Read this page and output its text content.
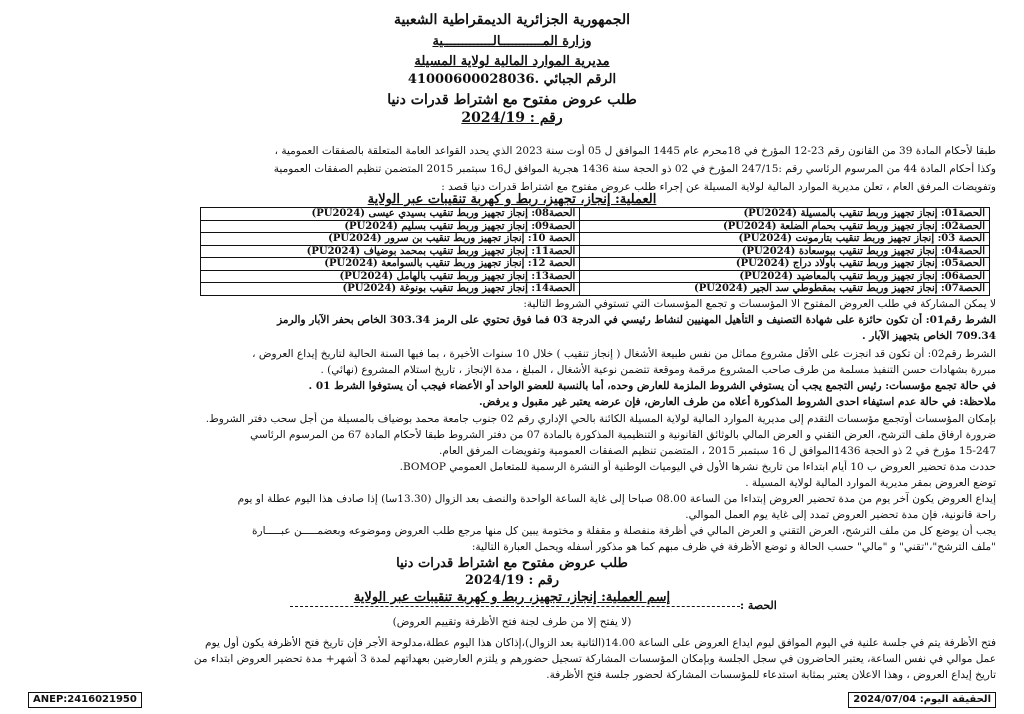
الجمهورية الجزائرية الديمقراطية الشعبية
وزارة المـــــــــــالـــــــــــــية
مديرية الموارد المالية لولاية المسيلة
الرقم الجبائي .41000600028036
طلب عروض مفتوح مع اشتراط قدرات دنيا
رقم : 2024/19
طبقا لأحكام المادة 39 من القانون رقم 23-12 المؤرخ في 18محرم عام 1445 الموافق ل 05 أوت سنة 2023 الذي يحدد القواعد العامة المتعلقة بالصفقات العمومية ،
وكذا أحكام المادة 44 من المرسوم الرئاسي رقم :247/15 المؤرخ في 02 ذو الحجة سنة 1436 هجرية الموافق ل16 سبتمبر 2015 المتضمن تنظيم الصفقات العمومية
وتفويضات المرفق العام ، تعلن مديرية الموارد المالية لولاية المسيلة عن إجراء طلب عروض مفتوح مع اشتراط قدرات دنيا قصد :
العملية: إنجاز، تجهيز، ربط و كهربة تنقيبات عبر الولاية
الحصة01: إنجاز تجهيز وربط تنقيب بالمسيلة (PU2024)	الحصة08: إنجاز تجهيز وربط تنقيب بسيدي عيسى (PU2024)
الحصة02: إنجاز تجهيز وربط تنقيب بحمام الضلعة (PU2024)	الحصة09: إنجاز تجهيز وربط تنقيب بسليم (PU2024)
الحصة 03: إنجاز تجهيز وربط تنقيب بتارمونت (PU2024)	الحصة 10: إنجاز تجهيز وربط تنقيب بن سرور (PU2024)
الحصة04: إنجاز تجهيز وربط تنقيب ببوسعادة (PU2024)	الحصة11: إنجاز تجهيز وربط تنقيب بمحمد بوضياف (PU2024)
الحصة05: إنجاز تجهيز وربط تنقيب بأولاد دراج (PU2024)	الحصة 12: إنجاز تجهيز وربط تنقيب بالسوامعة (PU2024)
الحصة06: إنجاز تجهيز وربط تنقيب بالمعاضيد (PU2024)	الحصة13: إنجاز تجهيز وربط تنقيب بالهامل (PU2024)
الحصة07: إنجاز تجهيز وربط تنقيب بمقطوطي سد الجير (PU2024)	الحصة14: إنجاز تجهيز وربط تنقيب بونوغة (PU2024)
لا يمكن المشاركة في طلب العروض المفتوح الا المؤسسات و تجمع المؤسسات التي تستوفي الشروط التالية:
الشرط رقم01: أن تكون حائزة على شهادة التصنيف و التأهيل المهنيين لنشاط رئيسي في الدرجة 03 فما فوق تحتوي على الرمز 303.34 الخاص بحفر الآبار والرمز
709.34 الخاص بتجهيز الآبار .
الشرط رقم02: أن تكون قد انجزت على الأقل مشروع مماثل من نفس طبيعة الأشغال ( إنجاز تنقيب ) خلال 10 سنوات الأخيرة ، بما فيها السنة الحالية لتاريخ إيداع العروض ،
مبررة بشهادات حسن التنفيذ مسلمة من طرف صاحب المشروع مرقمة وموقعة تتضمن نوعية الأشغال ، المبلغ ، مدة الإنجاز ، تاريخ استلام المشروع (نهائي) .
في حالة تجمع مؤسسات: رئيس التجمع يجب أن يستوفي الشروط الملزمة للعارض وحده، أما بالنسبة للعضو الواحد أو الأعضاء فيجب أن يستوفوا الشرط 01 .
ملاحظة: في حالة عدم استيفاء احدى الشروط المذكورة أعلاه من طرف العارض، فإن عرضه يعتبر غير مقبول و يرفض.
بإمكان المؤسسات أوتجمع مؤسسات التقدم إلى مديرية الموارد المالية لولاية المسيلة الكائنة بالحي الإداري رقم 02 جنوب جامعة محمد بوضياف بالمسيلة من أجل سحب دفتر الشروط.
ضرورة ارفاق ملف الترشح، العرض التقني و العرض المالي بالوثائق القانونية و التنظيمية المذكورة بالمادة 07 من دفتر الشروط طبقا لأحكام المادة 67 من المرسوم الرئاسي
15-247 مؤرخ في 2 ذو الحجة 1436الموافق ل 16 سبتمبر 2015 ، المتضمن تنظيم الصفقات العمومية وتفويضات المرفق العام.
حددت مدة تحضير العروض ب 10 أيام ابتداءا من تاريخ نشرها الأول في اليوميات الوطنية أو النشرة الرسمية للمتعامل العمومي BOMOP.
توضع العروض بمقر مديرية الموارد المالية لولاية المسيلة .
إيداع العروض يكون آخر يوم من مدة تحضير العروض إبتداءا من الساعة 08.00 صباحا إلى غاية الساعة الواحدة والنصف بعد الزوال (13.30سا) إذا صادف هذا اليوم عطلة او يوم
راحة قانونية، فإن مدة تحضير العروض تمدد إلى غاية يوم العمل الموالي.
يجب أن يوضع كل من ملف الترشح، العرض التقني و العرض المالي في أظرفة منفصلة و مقفلة و مختومة يبين كل منها مرجع طلب العروض وموضوعه وبعضمـــــن عبـــــارة
"ملف الترشح"،"تقني" و "مالي" حسب الحالة و توضع الأظرفة في ظرف مبهم كما هو مذكور أسفله ويحمل العبارة التالية:
طلب عروض مفتوح مع اشتراط قدرات دنيا
رقم : 2024/19
إسم العملية: إنجاز، تجهيز، ربط و كهربة تنقيبات عبر الولاية
الحصة :
(لا يفتح إلا من طرف لجنة فتح الأظرفة وتقييم العروض)
فتح الأظرفة يتم في جلسة علنية في اليوم الموافق ليوم ايداع العروض على الساعة 14.00(الثانية بعد الزوال)،إذاكان هذا اليوم عطلة،مدلوحة الأجر فإن تاريخ فتح الأظرفة يكون أول يوم
عمل موالي في نفس الساعة، يعتبر الحاضرون في سجل الجلسة وبإمكان المؤسسات المشاركة تسجيل حضورهم و يلتزم العارضين بعهداتهم لمدة 3 أشهر+ مدة تحضير العروض ابتداء من
تاريخ إيداع العروض ، وهذا الاعلان يعتبر بمثابة استدعاء للمؤسسات المشاركة لحضور جلسة فتح الأظرفة.
ANEP:2416021950	الحقيقة اليوم: 2024/07/04
